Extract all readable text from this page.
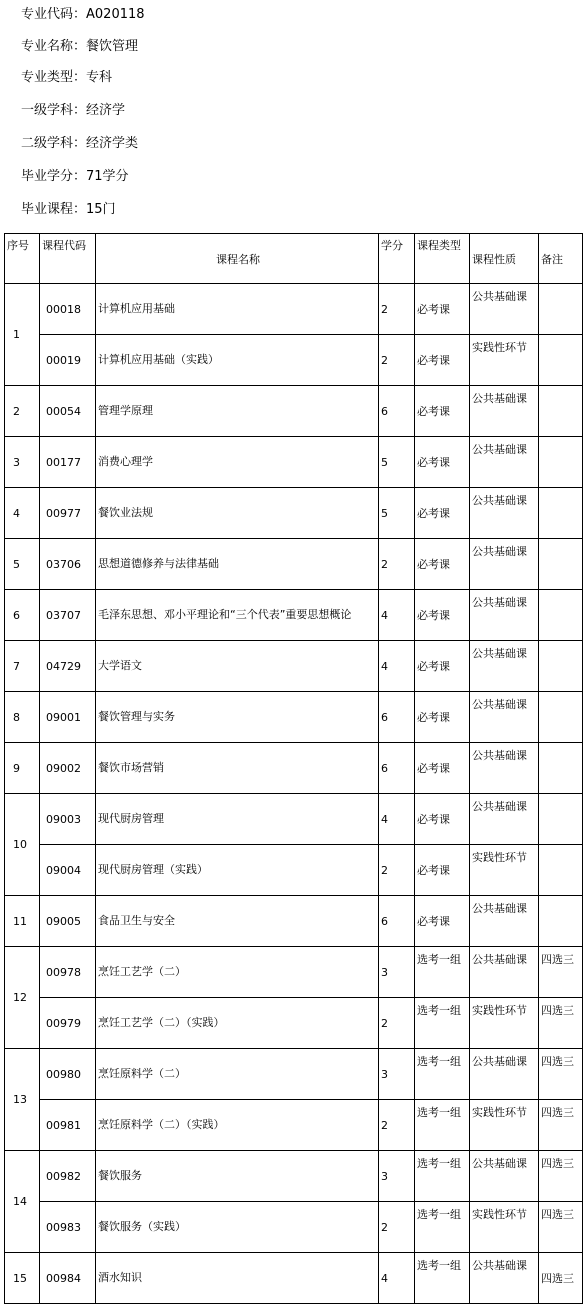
专业代码：A020118
专业名称：餐饮管理
专业类型：专科
一级学科：经济学
二级学科：经济学类
毕业学分：71学分
毕业课程：15门
序号	课程代码	课程名称	学分	课程类型	课程性质	备注
1	00018	计算机应用基础	2	必考课	公共基础课	
	00019	计算机应用基础（实践）	2	必考课	实践性环节	
2	00054	管理学原理	6	必考课	公共基础课	
3	00177	消费心理学	5	必考课	公共基础课	
4	00977	餐饮业法规	5	必考课	公共基础课	
5	03706	思想道德修养与法律基础	2	必考课	公共基础课	
6	03707	毛泽东思想、邓小平理论和“三个代表”重要思想概论	4	必考课	公共基础课	
7	04729	大学语文	4	必考课	公共基础课	
8	09001	餐饮管理与实务	6	必考课	公共基础课	
9	09002	餐饮市场营销	6	必考课	公共基础课	
10	09003	现代厨房管理	4	必考课	公共基础课	
	09004	现代厨房管理（实践）	2	必考课	实践性环节	
11	09005	食品卫生与安全	6	必考课	公共基础课	
12	00978	烹饪工艺学（二）	3	选考一组	公共基础课	四选三
	00979	烹饪工艺学（二）（实践）	2	选考一组	实践性环节	四选三
13	00980	烹饪原料学（二）	3	选考一组	公共基础课	四选三
	00981	烹饪原料学（二）（实践）	2	选考一组	实践性环节	四选三
14	00982	餐饮服务	3	选考一组	公共基础课	四选三
	00983	餐饮服务（实践）	2	选考一组	实践性环节	四选三
15	00984	酒水知识	4	选考一组	公共基础课	四选三
